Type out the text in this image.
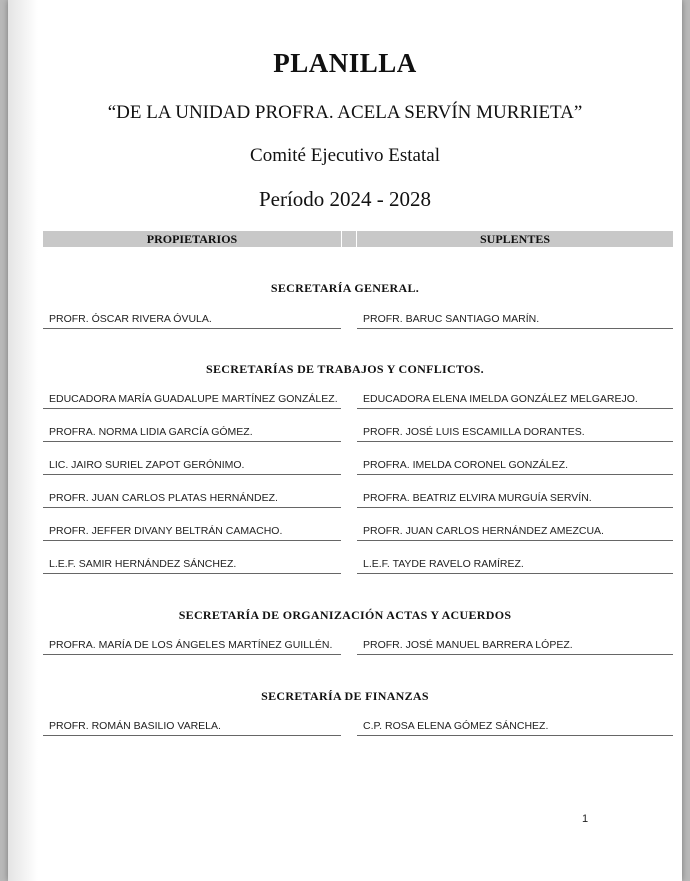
PLANILLA
“DE LA UNIDAD PROFRA. ACELA SERVÍN MURRIETA”
Comité Ejecutivo Estatal
Período 2024 - 2028
PROPIETARIOS	SUPLENTES
SECRETARÍA GENERAL.
PROFR. ÓSCAR RIVERA ÓVULA.	PROFR. BARUC SANTIAGO MARÍN.
SECRETARÍAS DE TRABAJOS Y CONFLICTOS.
EDUCADORA MARÍA GUADALUPE MARTÍNEZ GONZÁLEZ.	EDUCADORA ELENA IMELDA GONZÁLEZ MELGAREJO.
PROFRA. NORMA LIDIA GARCÍA GÓMEZ.	PROFR. JOSÉ LUIS ESCAMILLA DORANTES.
LIC. JAIRO SURIEL ZAPOT GERÓNIMO.	PROFRA. IMELDA CORONEL GONZÁLEZ.
PROFR. JUAN CARLOS PLATAS HERNÁNDEZ.	PROFRA. BEATRIZ ELVIRA MURGUÍA SERVÍN.
PROFR. JEFFER DIVANY BELTRÁN CAMACHO.	PROFR. JUAN CARLOS HERNÁNDEZ AMEZCUA.
L.E.F. SAMIR HERNÁNDEZ SÁNCHEZ.	L.E.F. TAYDE RAVELO RAMÍREZ.
SECRETARÍA DE ORGANIZACIÓN ACTAS Y ACUERDOS
PROFRA. MARÍA DE LOS ÁNGELES MARTÍNEZ GUILLÉN.	PROFR. JOSÉ MANUEL BARRERA LÓPEZ.
SECRETARÍA DE FINANZAS
PROFR. ROMÁN BASILIO VARELA.	C.P. ROSA ELENA GÓMEZ SÁNCHEZ.
1
